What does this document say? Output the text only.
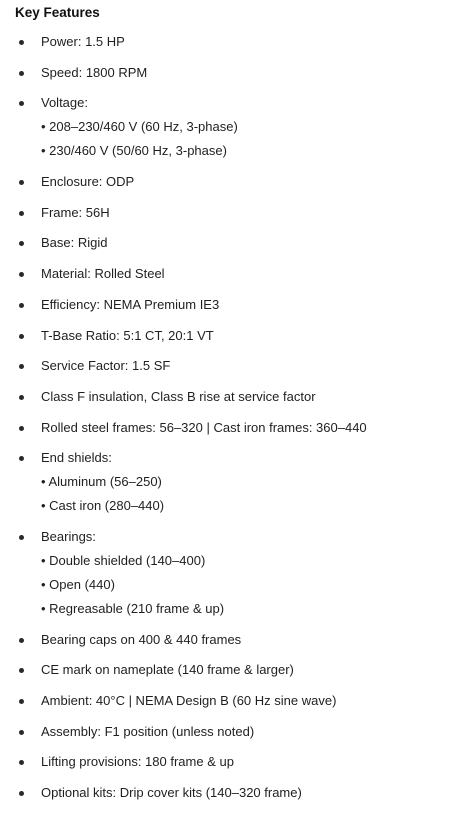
Key Features
Power: 1.5 HP
Speed: 1800 RPM
Voltage:
• 208–230/460 V (60 Hz, 3-phase)
• 230/460 V (50/60 Hz, 3-phase)
Enclosure: ODP
Frame: 56H
Base: Rigid
Material: Rolled Steel
Efficiency: NEMA Premium IE3
T-Base Ratio: 5:1 CT, 20:1 VT
Service Factor: 1.5 SF
Class F insulation, Class B rise at service factor
Rolled steel frames: 56–320 | Cast iron frames: 360–440
End shields:
• Aluminum (56–250)
• Cast iron (280–440)
Bearings:
• Double shielded (140–400)
• Open (440)
• Regreasable (210 frame & up)
Bearing caps on 400 & 440 frames
CE mark on nameplate (140 frame & larger)
Ambient: 40°C | NEMA Design B (60 Hz sine wave)
Assembly: F1 position (unless noted)
Lifting provisions: 180 frame & up
Optional kits: Drip cover kits (140–320 frame)
